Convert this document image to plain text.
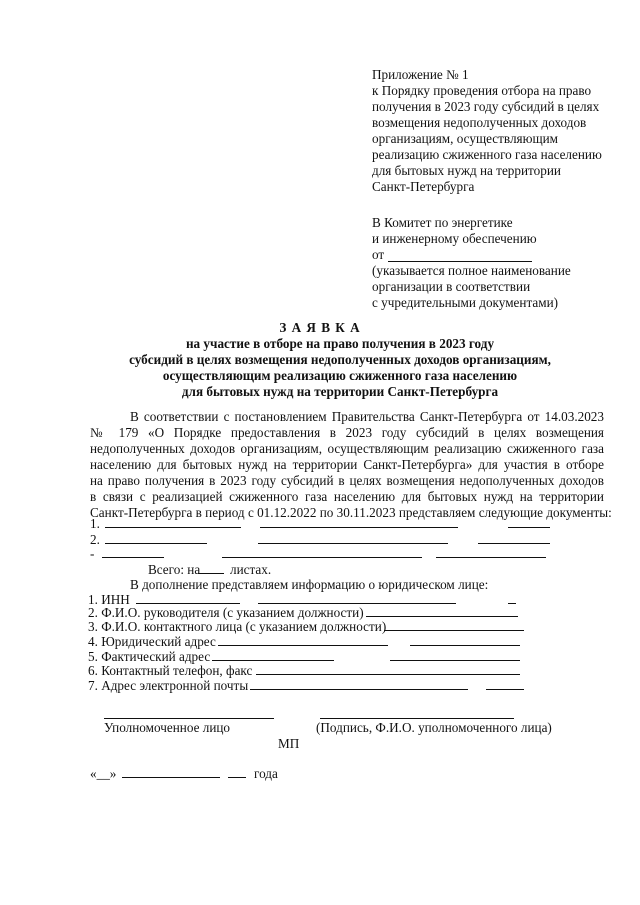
Приложение № 1
к Порядку проведения отбора на право
получения в 2023 году субсидий в целях
возмещения недополученных доходов
организациям, осуществляющим
реализацию сжиженного газа населению
для бытовых нужд на территории
Санкт-Петербурга
В Комитет по энергетике
и инженерному обеспечению
от
(указывается полное наименование
организации в соответствии
с учредительными документами)
З А Я В К А
на участие в отборе на право получения в 2023 году
субсидий в целях возмещения недополученных доходов организациям,
осуществляющим реализацию сжиженного газа населению
для бытовых нужд на территории Санкт-Петербурга
В соответствии с постановлением Правительства Санкт-Петербурга от 14.03.2023
№ 179 «О Порядке предоставления в 2023 году субсидий в целях возмещения
недополученных доходов организациям, осуществляющим реализацию сжиженного газа
населению для бытовых нужд на территории Санкт-Петербурга» для участия в отборе
на право получения в 2023 году субсидий в целях возмещения недополученных доходов
в связи с реализацией сжиженного газа населению для бытовых нужд на территории
Санкт-Петербурга в период с 01.12.2022 по 30.11.2023 представляем следующие документы:
1.
2.
-
Всего: на листах.
В дополнение представляем информацию о юридическом лице:
1. ИНН
2. Ф.И.О. руководителя (с указанием должности)
3. Ф.И.О. контактного лица (с указанием должности)
4. Юридический адрес
5. Фактический адрес
6. Контактный телефон, факс
7. Адрес электронной почты
Уполномоченное лицо	(Подпись, Ф.И.О. уполномоченного лица)
МП
«__»	года
